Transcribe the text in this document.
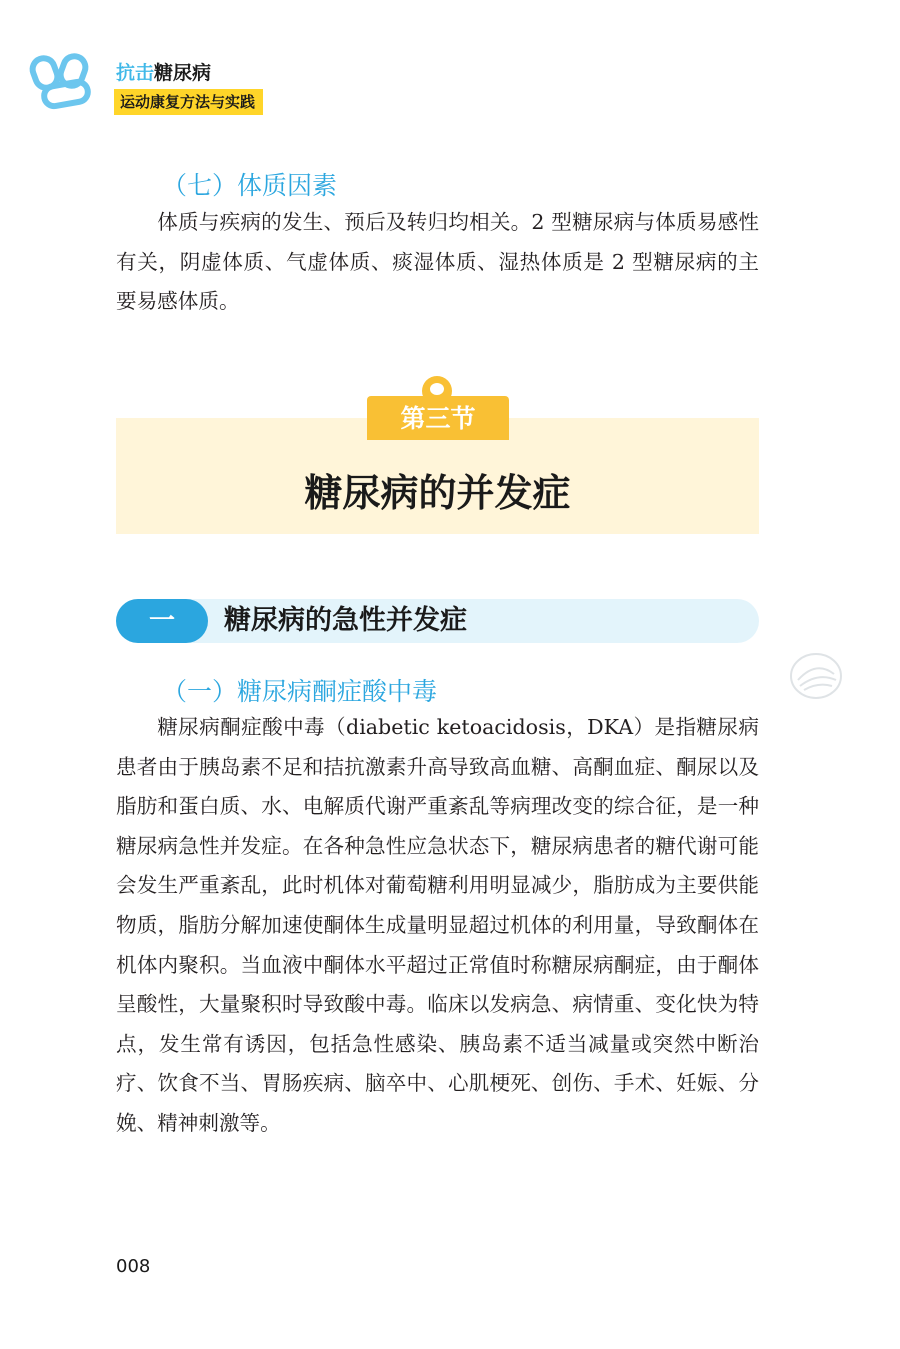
抗击糖尿病
运动康复方法与实践
（七）体质因素

体质与疾病的发生、预后及转归均相关。2 型糖尿病与体质易感性有关，阴虚体质、气虚体质、痰湿体质、湿热体质是 2 型糖尿病的主要易感体质。

第三节
糖尿病的并发症
一	糖尿病的急性并发症
（一）糖尿病酮症酸中毒

糖尿病酮症酸中毒（diabetic ketoacidosis，DKA）是指糖尿病患者由于胰岛素不足和拮抗激素升高导致高血糖、高酮血症、酮尿以及脂肪和蛋白质、水、电解质代谢严重紊乱等病理改变的综合征，是一种糖尿病急性并发症。在各种急性应急状态下，糖尿病患者的糖代谢可能会发生严重紊乱，此时机体对葡萄糖利用明显减少，脂肪成为主要供能物质，脂肪分解加速使酮体生成量明显超过机体的利用量，导致酮体在机体内聚积。当血液中酮体水平超过正常值时称糖尿病酮症，由于酮体呈酸性，大量聚积时导致酸中毒。临床以发病急、病情重、变化快为特点，发生常有诱因，包括急性感染、胰岛素不适当减量或突然中断治疗、饮食不当、胃肠疾病、脑卒中、心肌梗死、创伤、手术、妊娠、分娩、精神刺激等。

008
